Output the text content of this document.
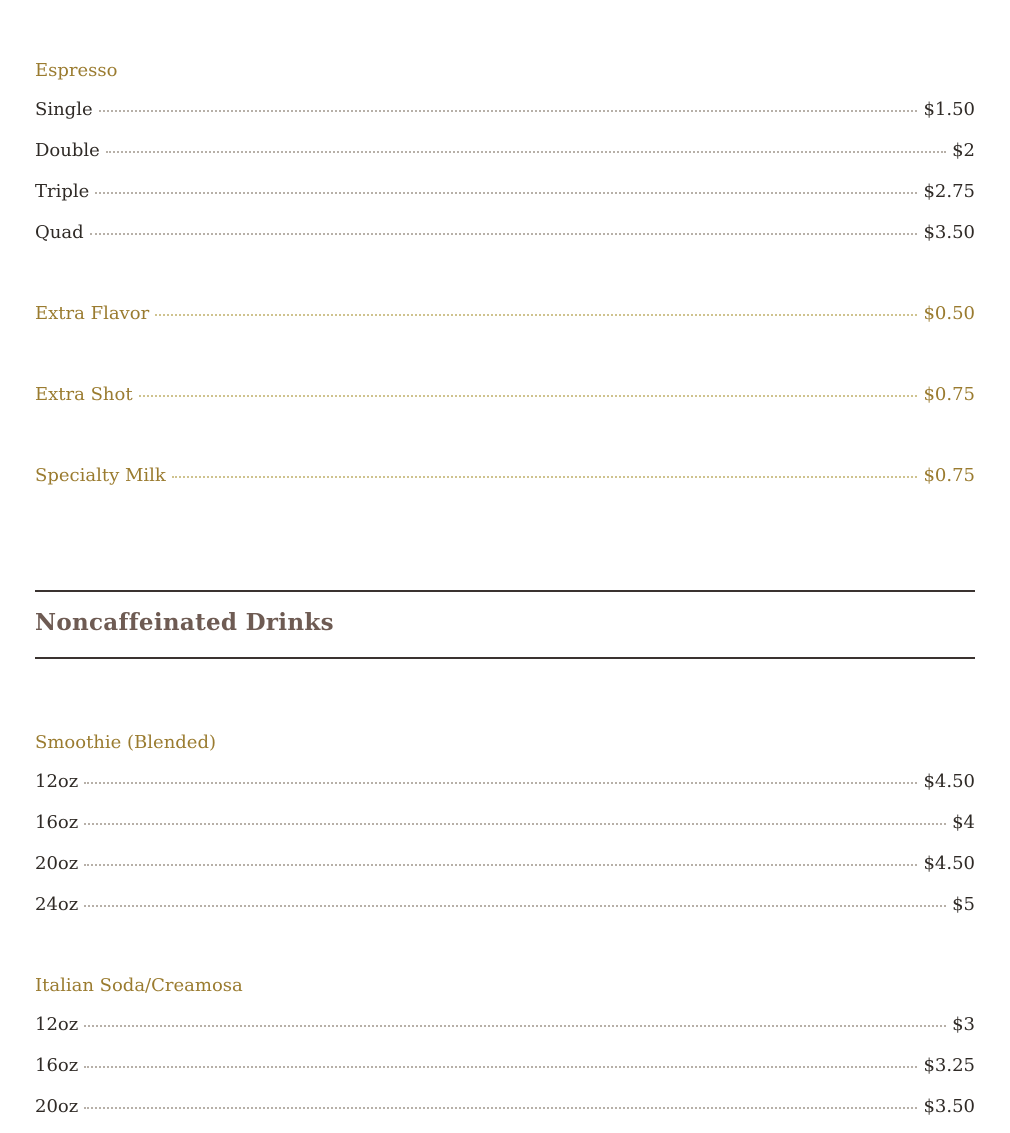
Espresso
Single	$1.50
Double	$2
Triple	$2.75
Quad	$3.50
Extra Flavor	$0.50
Extra Shot	$0.75
Specialty Milk	$0.75
Noncaffeinated Drinks
Smoothie (Blended)
12oz	$4.50
16oz	$4
20oz	$4.50
24oz	$5
Italian Soda/Creamosa
12oz	$3
16oz	$3.25
20oz	$3.50
